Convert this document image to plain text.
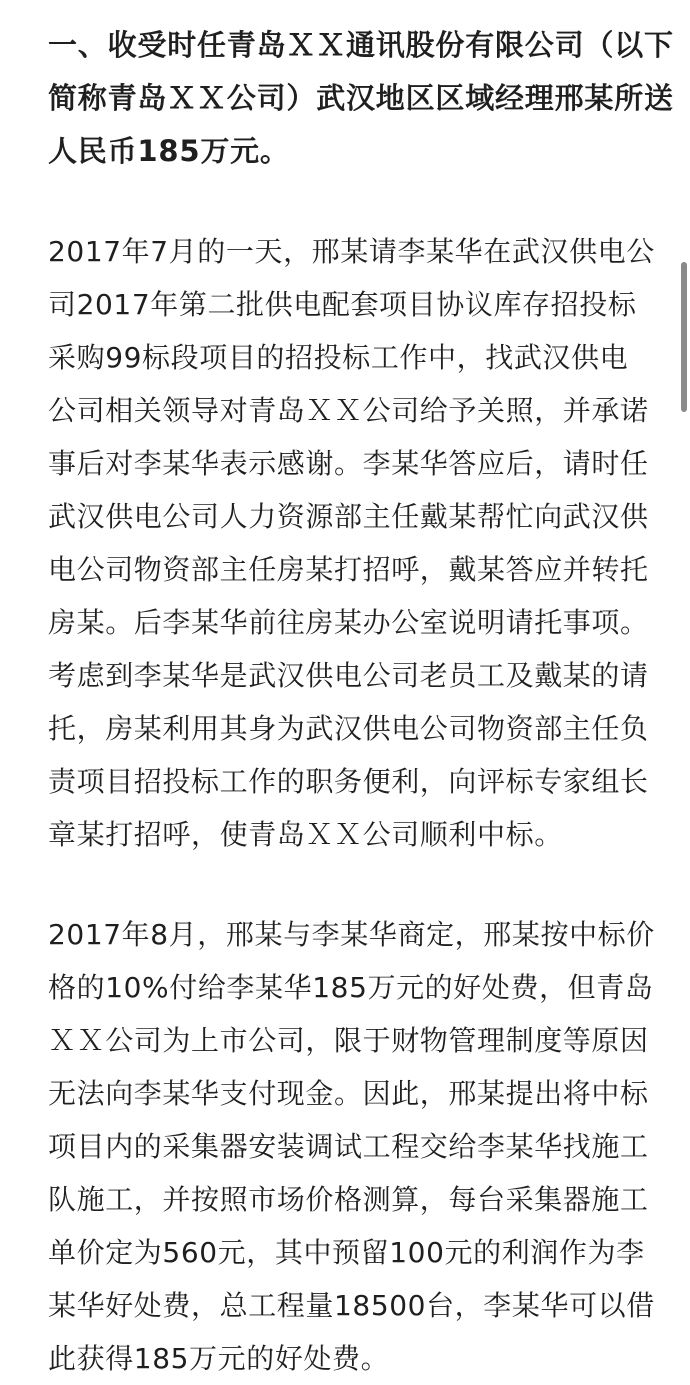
一、收受时任青岛ＸＸ通讯股份有限公司（以下
简称青岛ＸＸ公司）武汉地区区域经理邢某所送
人民币185万元。
2017年7月的一天，邢某请李某华在武汉供电公
司2017年第二批供电配套项目协议库存招投标
采购99标段项目的招投标工作中，找武汉供电
公司相关领导对青岛ＸＸ公司给予关照，并承诺
事后对李某华表示感谢。李某华答应后，请时任
武汉供电公司人力资源部主任戴某帮忙向武汉供
电公司物资部主任房某打招呼，戴某答应并转托
房某。后李某华前往房某办公室说明请托事项。
考虑到李某华是武汉供电公司老员工及戴某的请
托，房某利用其身为武汉供电公司物资部主任负
责项目招投标工作的职务便利，向评标专家组长
章某打招呼，使青岛ＸＸ公司顺利中标。
2017年8月，邢某与李某华商定，邢某按中标价
格的10%付给李某华185万元的好处费，但青岛
ＸＸ公司为上市公司，限于财物管理制度等原因
无法向李某华支付现金。因此，邢某提出将中标
项目内的采集器安装调试工程交给李某华找施工
队施工，并按照市场价格测算，每台采集器施工
单价定为560元，其中预留100元的利润作为李
某华好处费，总工程量18500台，李某华可以借
此获得185万元的好处费。
